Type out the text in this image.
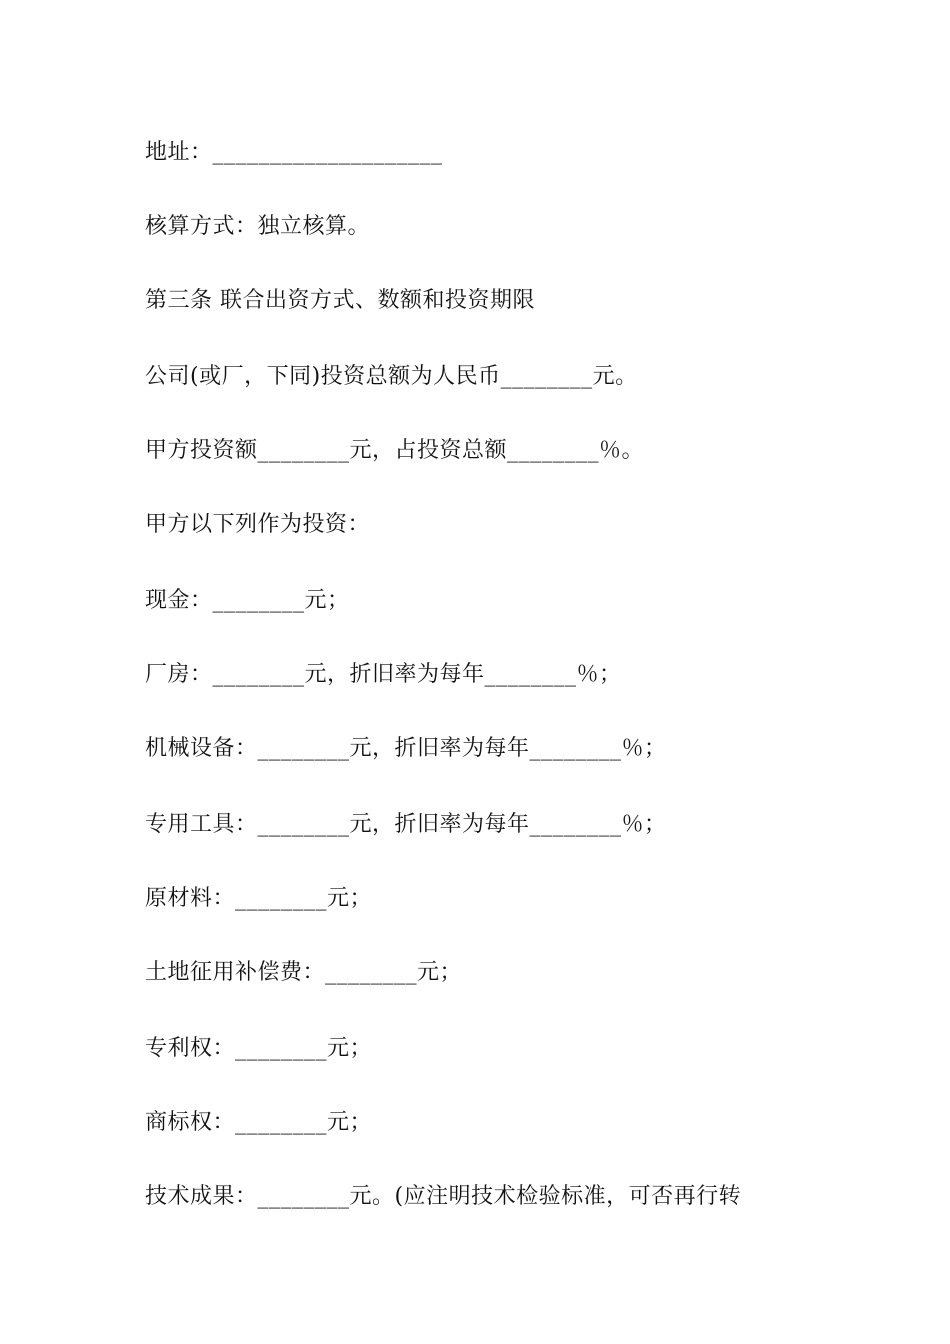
地址：____________________
核算方式：独立核算。
第三条 联合出资方式、数额和投资期限
公司(或厂，下同)投资总额为人民币________元。
甲方投资额________元，占投资总额________％。
甲方以下列作为投资：
现金：________元；
厂房：________元，折旧率为每年________％；
机械设备：________元，折旧率为每年________％；
专用工具：________元，折旧率为每年________％；
原材料：________元；
土地征用补偿费：________元；
专利权：________元；
商标权：________元；
技术成果：________元。(应注明技术检验标准，可否再行转
